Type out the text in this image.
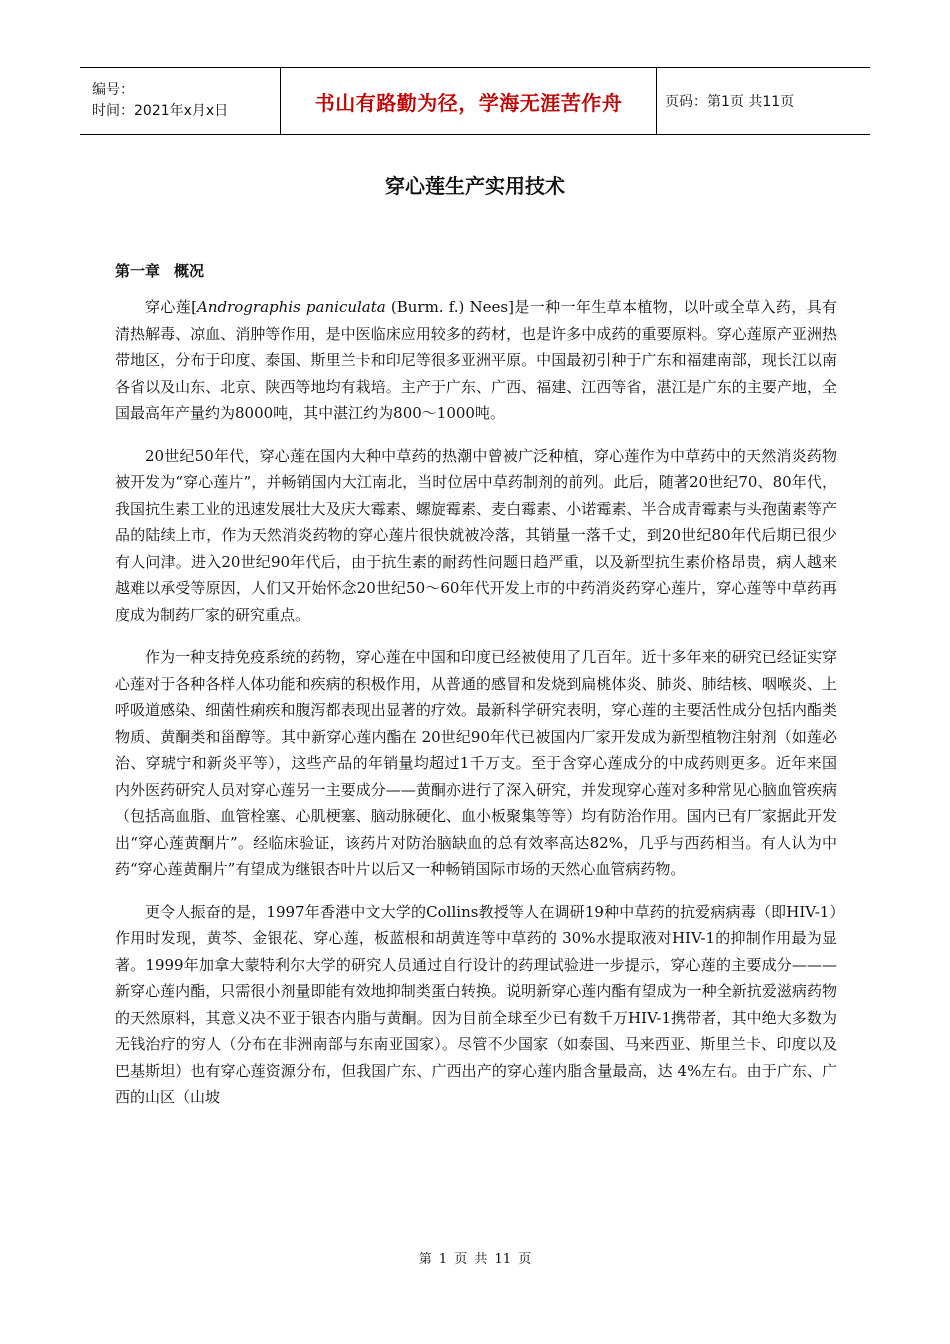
编号：
时间：2021年x月x日	书山有路勤为径，学海无涯苦作舟	页码：第1页 共11页
穿心莲生产实用技术
第一章 概况

穿心莲[Andrographis paniculata (Burm. f.) Nees]是一种一年生草本植物，以叶或全草入药，具有清热解毒、凉血、消肿等作用，是中医临床应用较多的药材，也是许多中成药的重要原料。穿心莲原产亚洲热带地区，分布于印度、泰国、斯里兰卡和印尼等很多亚洲平原。中国最初引种于广东和福建南部，现长江以南各省以及山东、北京、陕西等地均有栽培。主产于广东、广西、福建、江西等省，湛江是广东的主要产地，全国最高年产量约为8000吨，其中湛江约为800～1000吨。

20世纪50年代，穿心莲在国内大种中草药的热潮中曾被广泛种植，穿心莲作为中草药中的天然消炎药物被开发为“穿心莲片”，并畅销国内大江南北，当时位居中草药制剂的前列。此后，随著20世纪70、80年代，我国抗生素工业的迅速发展壮大及庆大霉素、螺旋霉素、麦白霉素、小诺霉素、半合成青霉素与头孢菌素等产品的陆续上市，作为天然消炎药物的穿心莲片很快就被冷落，其销量一落千丈，到20世纪80年代后期已很少有人问津。进入20世纪90年代后，由于抗生素的耐药性问题日趋严重，以及新型抗生素价格昂贵，病人越来越难以承受等原因，人们又开始怀念20世纪50～60年代开发上市的中药消炎药穿心莲片，穿心莲等中草药再度成为制药厂家的研究重点。

作为一种支持免疫系统的药物，穿心莲在中国和印度已经被使用了几百年。近十多年来的研究已经证实穿心莲对于各种各样人体功能和疾病的积极作用，从普通的感冒和发烧到扁桃体炎、肺炎、肺结核、咽喉炎、上呼吸道感染、细菌性痢疾和腹泻都表现出显著的疗效。最新科学研究表明，穿心莲的主要活性成分包括内酯类物质、黄酮类和甾醇等。其中新穿心莲内酯在 20世纪90年代已被国内厂家开发成为新型植物注射剂（如莲必治、穿琥宁和新炎平等），这些产品的年销量均超过1千万支。至于含穿心莲成分的中成药则更多。近年来国内外医药研究人员对穿心莲另一主要成分——黄酮亦进行了深入研究，并发现穿心莲对多种常见心脑血管疾病（包括高血脂、血管栓塞、心肌梗塞、脑动脉硬化、血小板聚集等等）均有防治作用。国内已有厂家据此开发出“穿心莲黄酮片”。经临床验证，该药片对防治脑缺血的总有效率高达82%，几乎与西药相当。有人认为中药“穿心莲黄酮片”有望成为继银杏叶片以后又一种畅销国际市场的天然心血管病药物。

更令人振奋的是，1997年香港中文大学的Collins教授等人在调研19种中草药的抗爱病病毒（即HIV-1）作用时发现，黄芩、金银花、穿心莲，板蓝根和胡黄连等中草药的 30%水提取液对HIV-1的抑制作用最为显著。1999年加拿大蒙特利尔大学的研究人员通过自行设计的药理试验进一步提示，穿心莲的主要成分———新穿心莲内酯，只需很小剂量即能有效地抑制类蛋白转换。说明新穿心莲内酯有望成为一种全新抗爱滋病药物的天然原料，其意义决不亚于银杏内脂与黄酮。因为目前全球至少已有数千万HIV-1携带者，其中绝大多数为无钱治疗的穷人（分布在非洲南部与东南亚国家）。尽管不少国家（如泰国、马来西亚、斯里兰卡、印度以及巴基斯坦）也有穿心莲资源分布，但我国广东、广西出产的穿心莲内脂含量最高，达 4%左右。由于广东、广西的山区（山坡

第 1 页 共 11 页
